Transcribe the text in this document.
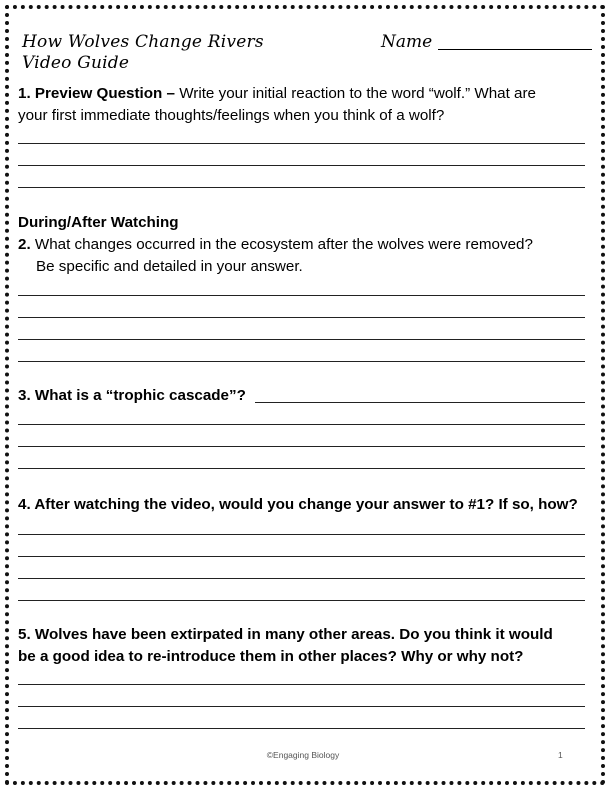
How Wolves Change Rivers
Video Guide
Name
1. Preview Question – Write your initial reaction to the word “wolf.” What are
your first immediate thoughts/feelings when you think of a wolf?
During/After Watching
2. What changes occurred in the ecosystem after the wolves were removed?
Be specific and detailed in your answer.
3. What is a “trophic cascade”?
4. After watching the video, would you change your answer to #1? If so, how?
5. Wolves have been extirpated in many other areas. Do you think it would
be a good idea to re-introduce them in other places? Why or why not?
©Engaging Biology	1
